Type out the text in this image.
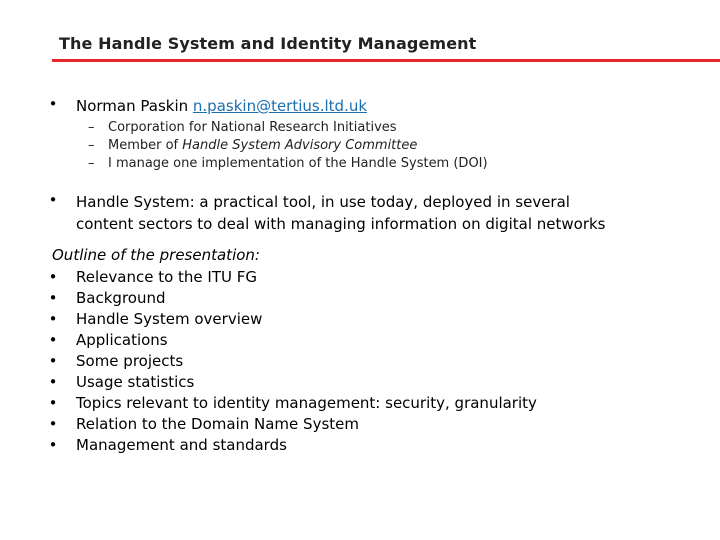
The Handle System and Identity Management
• Norman Paskin n.paskin@tertius.ltd.uk
– Corporation for National Research Initiatives
– Member of Handle System Advisory Committee
– I manage one implementation of the Handle System (DOI)
• Handle System: a practical tool, in use today, deployed in several
content sectors to deal with managing information on digital networks
Outline of the presentation:
• Relevance to the ITU FG
• Background
• Handle System overview
• Applications
• Some projects
• Usage statistics
• Topics relevant to identity management: security, granularity
• Relation to the Domain Name System
• Management and standards
